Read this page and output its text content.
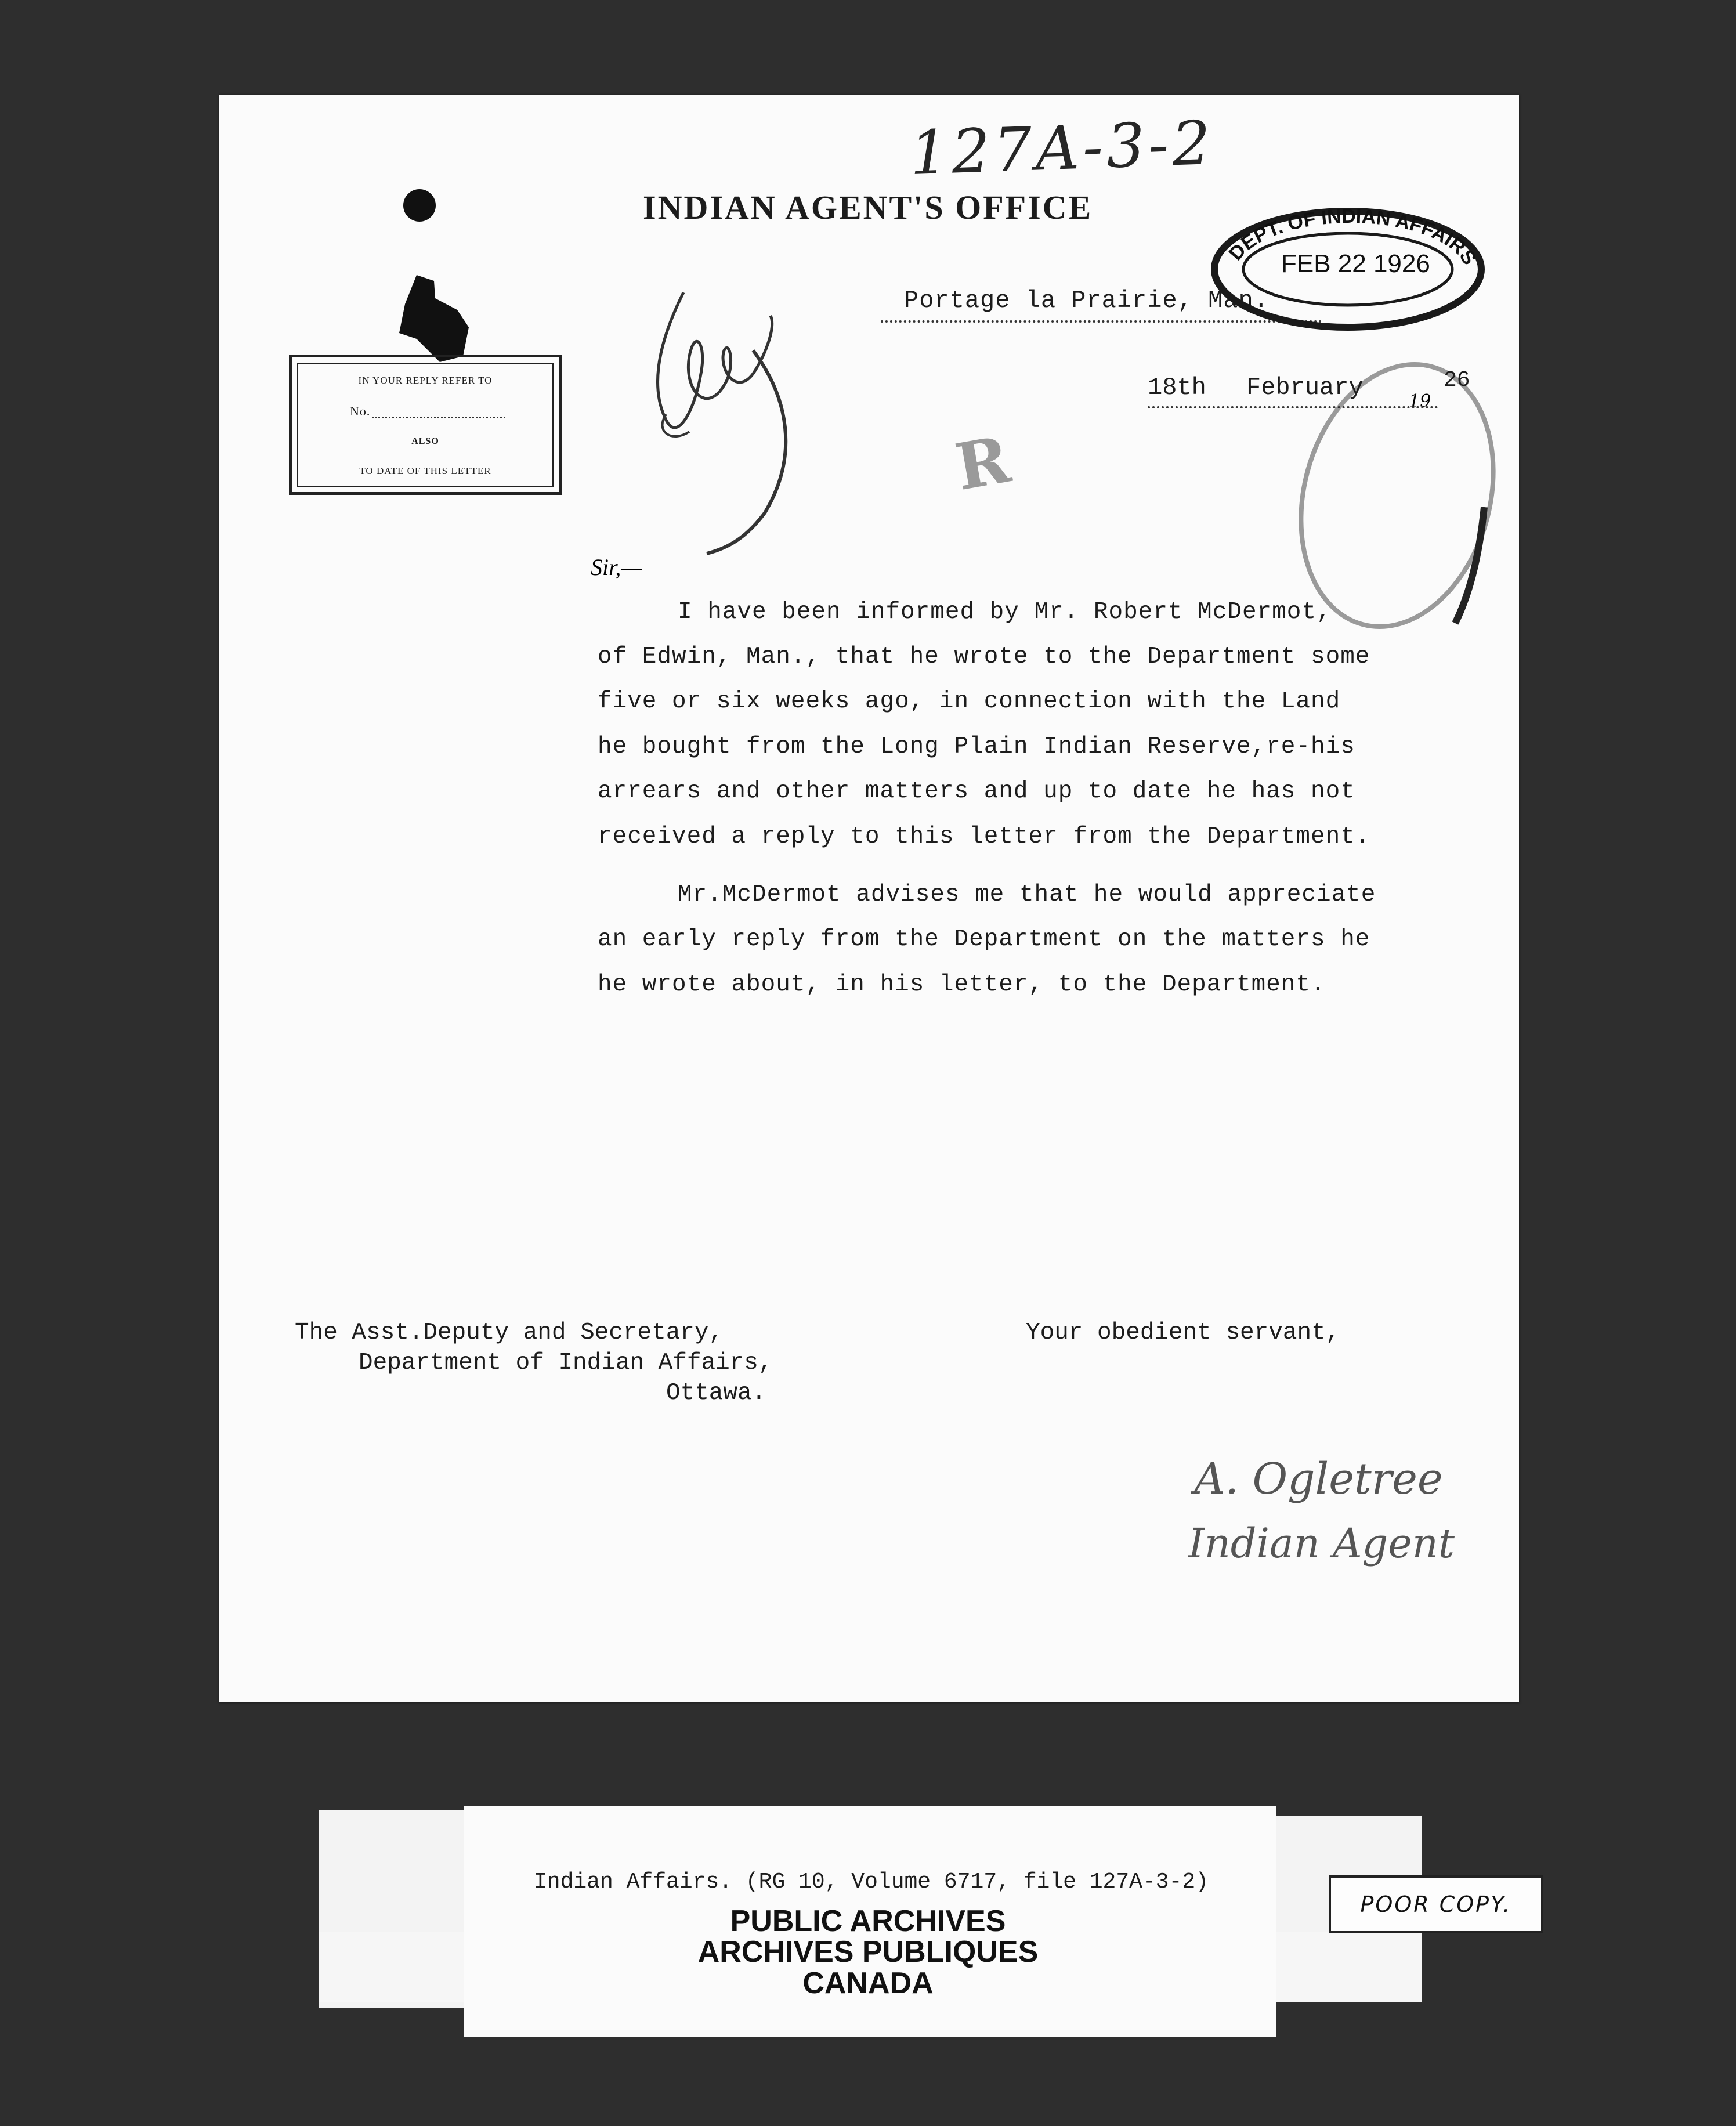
127A-3-2
INDIAN AGENT'S OFFICE
IN YOUR REPLY REFER TO
No.
ALSO
TO DATE OF THIS LETTER
Portage la Prairie, Man.
DEPT. OF INDIAN AFFAIRS
FEB 22 1926
18th February	19
26
R
Sir,—
I have been informed by Mr. Robert McDermot,
of Edwin, Man., that he wrote to the Department some
five or six weeks ago, in connection with the Land
he bought from the Long Plain Indian Reserve,re-his
arrears and other matters and up to date he has not
received a reply to this letter from the Department.
Mr.McDermot advises me that he would appreciate
an early reply from the Department on the matters he
he wrote about, in his letter, to the Department.
The Asst.Deputy and Secretary,
Department of Indian Affairs,
Ottawa.
Your obedient servant,
A. Ogletree
Indian Agent
Indian Affairs. (RG 10, Volume 6717, file 127A-3-2)
PUBLIC ARCHIVES
ARCHIVES PUBLIQUES
CANADA
POOR COPY.
